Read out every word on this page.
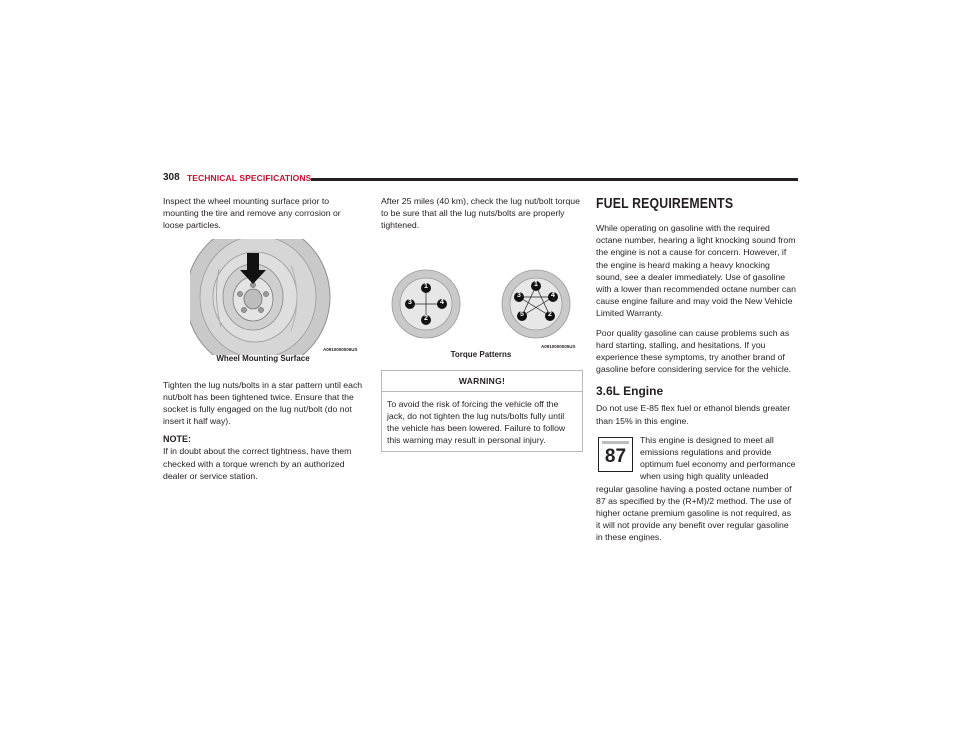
308 TECHNICAL SPECIFICATIONS

Inspect the wheel mounting surface prior to mounting the tire and remove any corrosion or loose particles.

A0910000006US
Wheel Mounting Surface

Tighten the lug nuts/bolts in a star pattern until each nut/bolt has been tightened twice. Ensure that the socket is fully engaged on the lug nut/bolt (do not insert it half way).

NOTE:

If in doubt about the correct tightness, have them checked with a torque wrench by an authorized dealer or service station.

After 25 miles (40 km), check the lug nut/bolt torque to be sure that all the lug nuts/bolts are properly tightened.

1
2
3	4
1
2
3	4
5
A0910000005US
Torque Patterns
WARNING!
To avoid the risk of forcing the vehicle off the jack, do not tighten the lug nuts/bolts fully until the vehicle has been lowered. Failure to follow this warning may result in personal injury.
FUEL REQUIREMENTS

While operating on gasoline with the required octane number, hearing a light knocking sound from the engine is not a cause for concern. However, if the engine is heard making a heavy knocking sound, see a dealer immediately. Use of gasoline with a lower than recommended octane number can cause engine failure and may void the New Vehicle Limited Warranty.

Poor quality gasoline can cause problems such as hard starting, stalling, and hesitations. If you experience these symptoms, try another brand of gasoline before considering service for the vehicle.

3.6L Engine

Do not use E-85 flex fuel or ethanol blends greater than 15% in this engine.

87

This engine is designed to meet all emissions regulations and provide optimum fuel economy and performance when using high quality unleaded regular gasoline having a posted octane number of 87 as specified by the (R+M)/2 method. The use of higher octane premium gasoline is not required, as it will not provide any benefit over regular gasoline in these engines.
